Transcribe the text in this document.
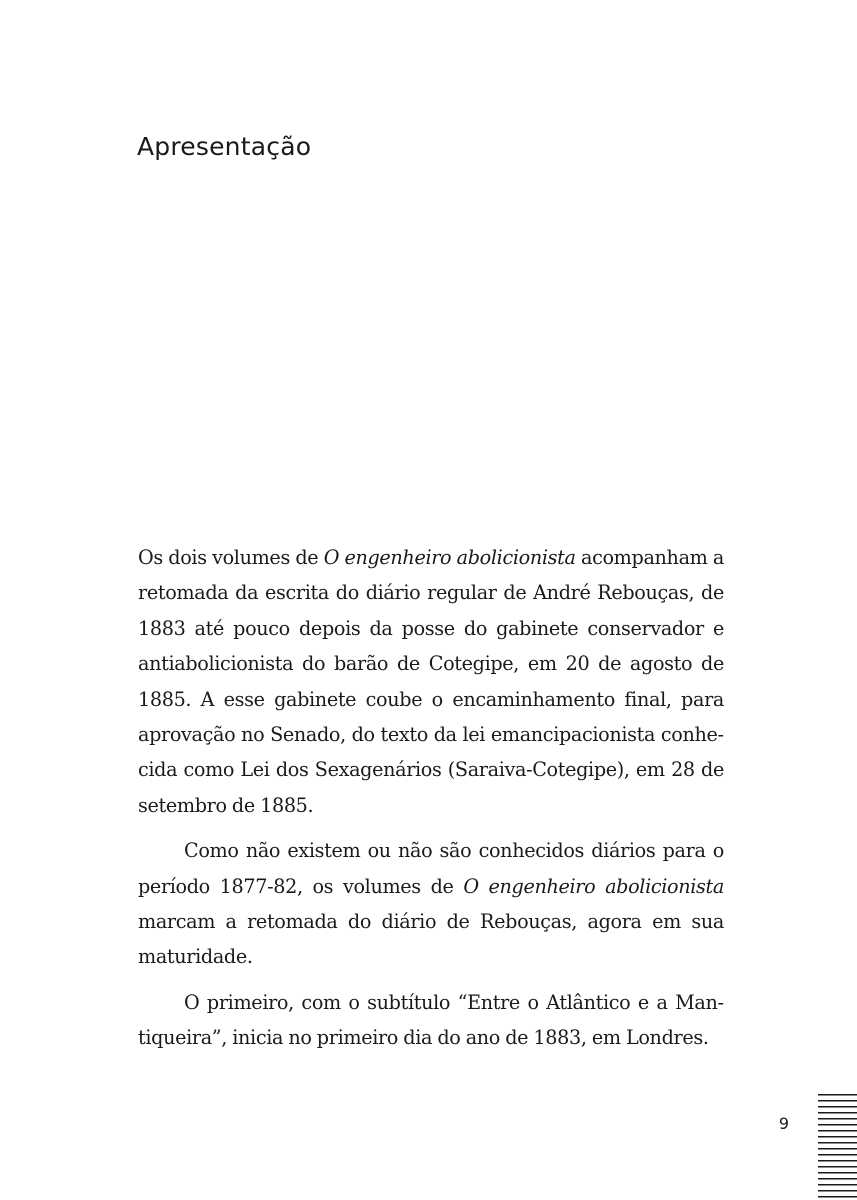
Apresentação

Os dois volumes de O engenheiro abolicionista acompanham a retomada da escrita do diário regular de André Rebouças, de 1883 até pouco depois da posse do gabinete conservador e antiabolicionista do barão de Cotegipe, em 20 de agosto de 1885. A esse gabinete coube o encaminhamento final, para aprovação no Senado, do texto da lei emancipacionista conhecida como Lei dos Sexagenários (Saraiva-Cotegipe), em 28 de setembro de 1885.

Como não existem ou não são conhecidos diários para o período 1877-82, os volumes de O engenheiro abolicionista marcam a retomada do diário de Rebouças, agora em sua maturidade.

O primeiro, com o subtítulo “Entre o Atlântico e a Mantiqueira”, inicia no primeiro dia do ano de 1883, em Londres.

9
